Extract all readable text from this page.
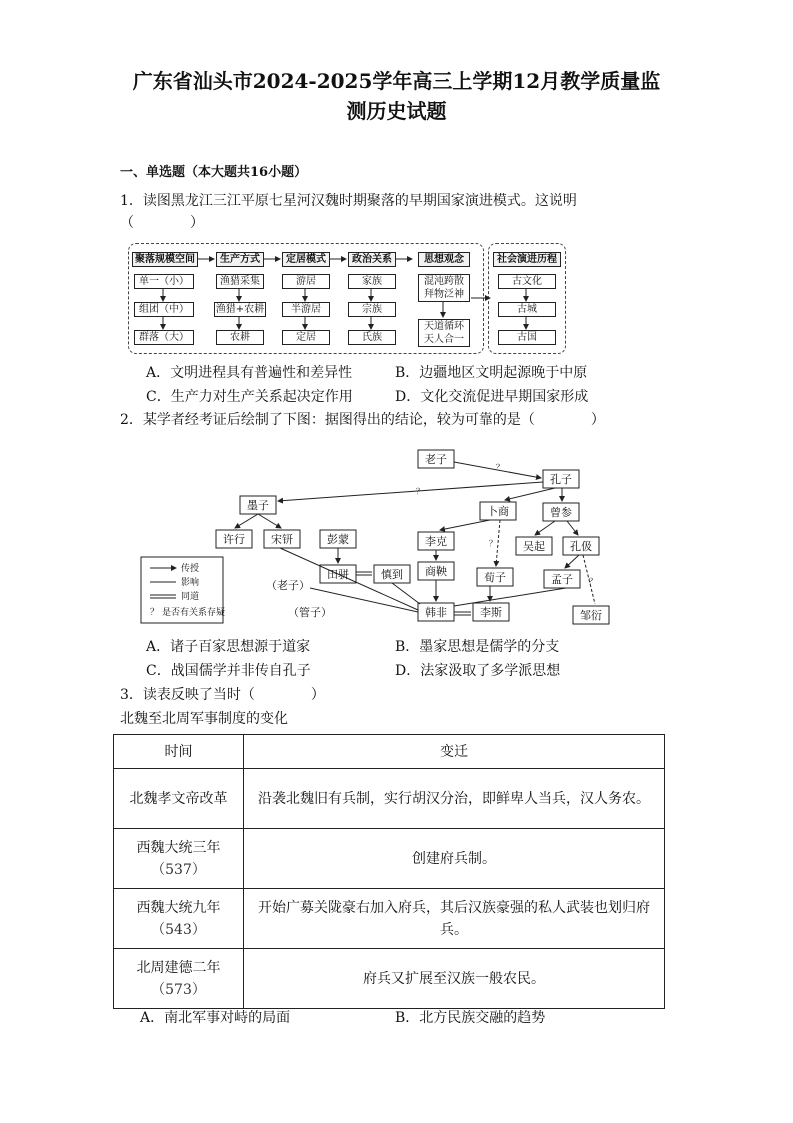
广东省汕头市2024-2025学年高三上学期12月教学质量监
测历史试题
一、单选题（本大题共16小题）
1．读图黑龙江三江平原七星河汉魏时期聚落的早期国家演进模式。这说明
（　　　　）
聚落规模空间	生产方式	定居模式	政治关系	思想观念	社会演进历程
单一（小）
组团（中）
群落（大）
渔猎采集
渔猎+农耕
农耕
游居
半游居
定居
家族
宗族
氏族
混沌跨散
拜物泛神
天道循环
天人合一
古文化
古城
古国
A．文明进程具有普遍性和差异性	B．边疆地区文明起源晚于中原
C．生产力对生产关系起决定作用	D．文化交流促进早期国家形成
2．某学者经考证后绘制了下图：据图得出的结论，较为可靠的是（　　　　）
老子
孔子
墨子	卜商	曾参
许行 宋钘	彭蒙	李克	吴起 孔伋
田骈	慎到 商鞅	荀子	孟子
韩非	李斯	邹衍
（老子）
（管子）
？
？
？
？
传授
影响
同道
？ 是否有关系存疑
A．诸子百家思想源于道家	B．墨家思想是儒学的分支
C．战国儒学并非传自孔子	D．法家汲取了多学派思想
3．读表反映了当时（　　　　）
北魏至北周军事制度的变化
时间	变迁

北魏孝文帝改革	沿袭北魏旧有兵制，实行胡汉分治，即鲜卑人当兵，汉人务农。

西魏大统三年
（537）	创建府兵制。

西魏大统九年
（543）	开始广募关陇豪右加入府兵，其后汉族豪强的私人武装也划归府兵。

北周建德二年
（573）	府兵又扩展至汉族一般农民。
A．南北军事对峙的局面	B．北方民族交融的趋势
